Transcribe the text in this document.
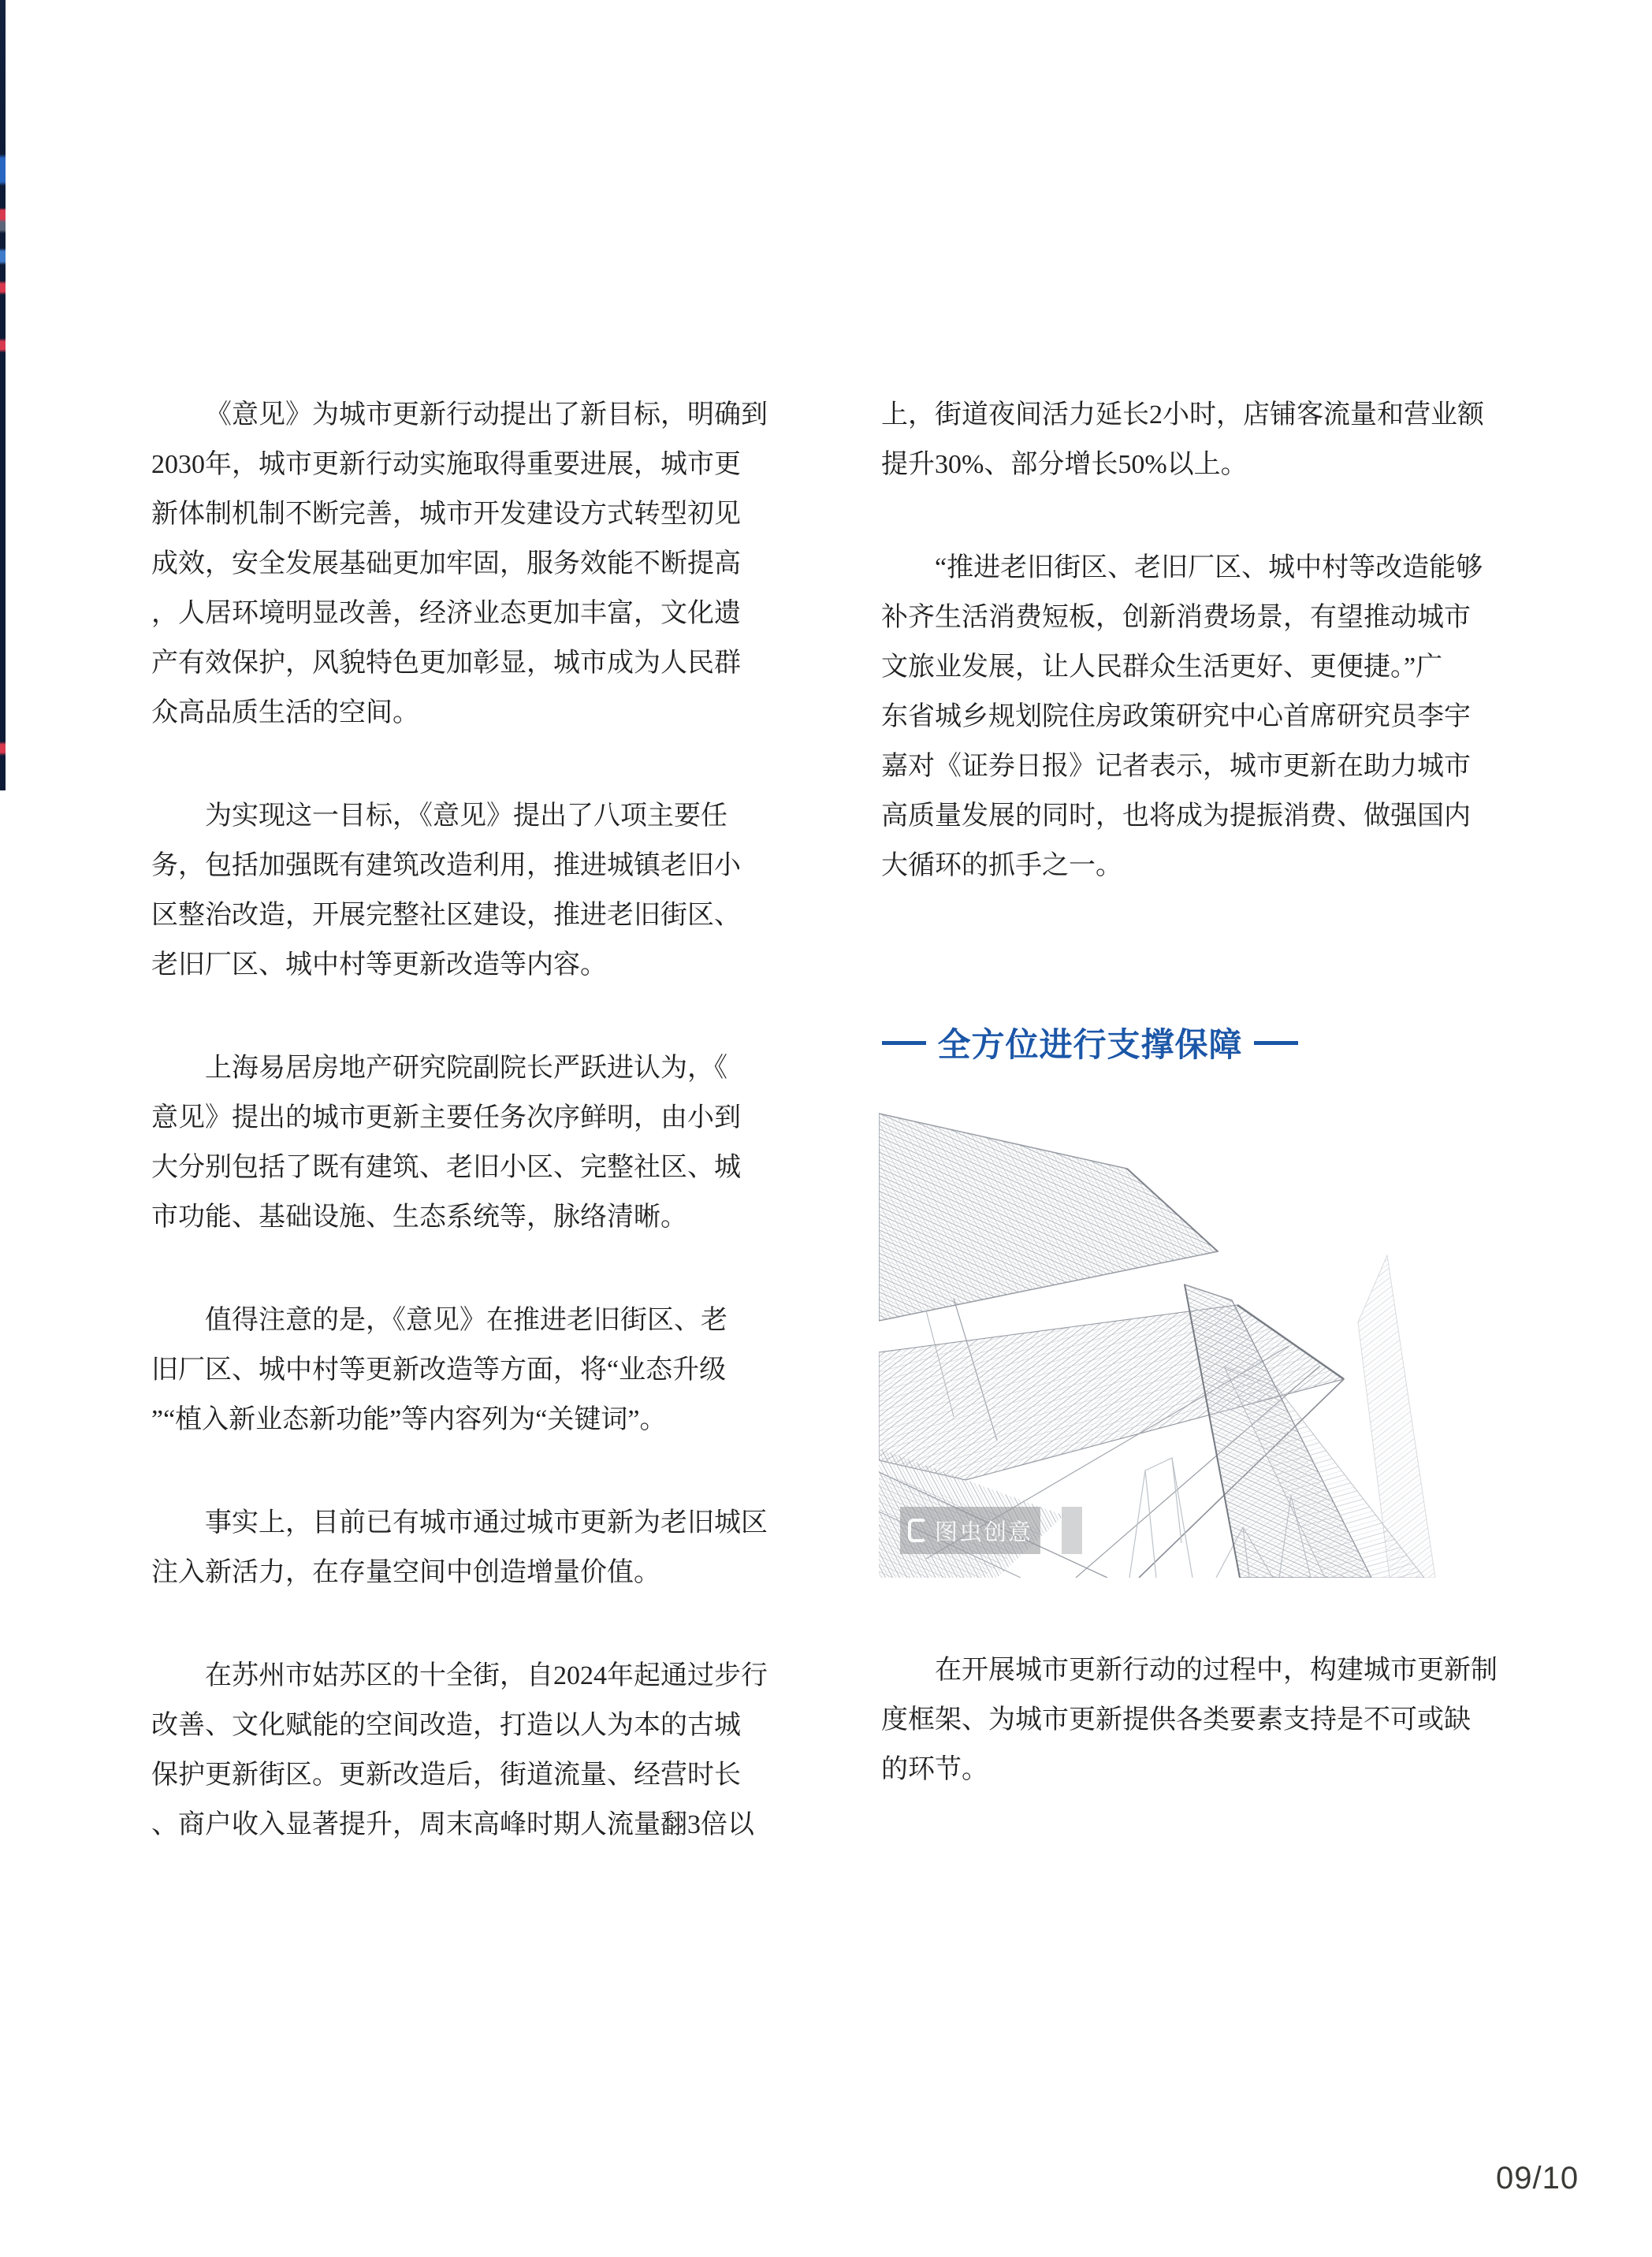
《意见》为城市更新行动提出了新目标，明确到
2030年，城市更新行动实施取得重要进展，城市更
新体制机制不断完善，城市开发建设方式转型初见
成效，安全发展基础更加牢固，服务效能不断提高
，人居环境明显改善，经济业态更加丰富，文化遗
产有效保护，风貌特色更加彰显，城市成为人民群
众高品质生活的空间。
为实现这一目标，《意见》提出了八项主要任
务，包括加强既有建筑改造利用，推进城镇老旧小
区整治改造，开展完整社区建设，推进老旧街区、
老旧厂区、城中村等更新改造等内容。
上海易居房地产研究院副院长严跃进认为，《
意见》提出的城市更新主要任务次序鲜明，由小到
大分别包括了既有建筑、老旧小区、完整社区、城
市功能、基础设施、生态系统等，脉络清晰。
值得注意的是，《意见》在推进老旧街区、老
旧厂区、城中村等更新改造等方面，将“业态升级
”“植入新业态新功能”等内容列为“关键词”。
事实上，目前已有城市通过城市更新为老旧城区
注入新活力，在存量空间中创造增量价值。
在苏州市姑苏区的十全街，自2024年起通过步行
改善、文化赋能的空间改造，打造以人为本的古城
保护更新街区。更新改造后，街道流量、经营时长
、商户收入显著提升，周末高峰时期人流量翻3倍以
上，街道夜间活力延长2小时，店铺客流量和营业额
提升30%、部分增长50%以上。
“推进老旧街区、老旧厂区、城中村等改造能够
补齐生活消费短板，创新消费场景，有望推动城市
文旅业发展，让人民群众生活更好、更便捷。”广
东省城乡规划院住房政策研究中心首席研究员李宇
嘉对《证券日报》记者表示，城市更新在助力城市
高质量发展的同时，也将成为提振消费、做强国内
大循环的抓手之一。
全方位进行支撑保障
图虫创意
在开展城市更新行动的过程中，构建城市更新制
度框架、为城市更新提供各类要素支持是不可或缺
的环节。
09/10
